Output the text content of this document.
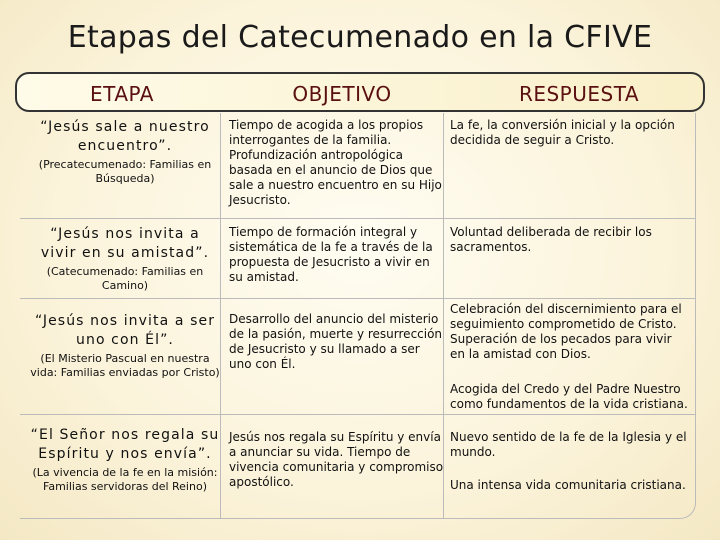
Etapas del Catecumenado en la CFIVE
ETAPA	OBJETIVO	RESPUESTA
“Jesús sale a nuestro encuentro”.
(Precatecumenado: Familias en Búsqueda)
Tiempo de acogida a los propios interrogantes de la familia. Profundización antropológica basada en el anuncio de Dios que sale a nuestro encuentro en su Hijo Jesucristo.
La fe, la conversión inicial y la opción decidida de seguir a Cristo.
“Jesús nos invita a vivir en su amistad”.
(Catecumenado: Familias en Camino)
Tiempo de formación integral y sistemática de la fe a través de la propuesta de Jesucristo a vivir en su amistad.
Voluntad deliberada de recibir los sacramentos.
“Jesús nos invita a ser uno con Él”.
(El Misterio Pascual en nuestra vida: Familias enviadas por Cristo)
Desarrollo del anuncio del misterio de la pasión, muerte y resurrección de Jesucristo y su llamado a ser uno con Él.
Celebración del discernimiento para el seguimiento comprometido de Cristo. Superación de los pecados para vivir en la amistad con Dios.
Acogida del Credo y del Padre Nuestro como fundamentos de la vida cristiana.
“El Señor nos regala su Espíritu y nos envía”.
(La vivencia de la fe en la misión: Familias servidoras del Reino)
Jesús nos regala su Espíritu y envía a anunciar su vida. Tiempo de vivencia comunitaria y compromiso apostólico.
Nuevo sentido de la fe de la Iglesia y el mundo.
Una intensa vida comunitaria cristiana.
